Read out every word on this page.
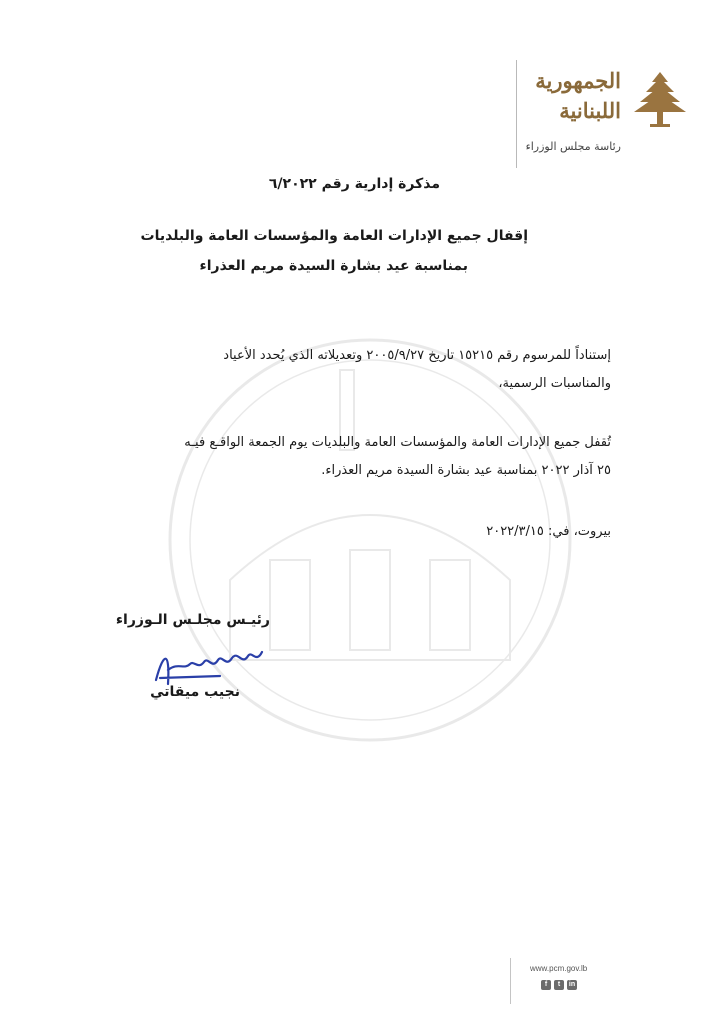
الجمهورية
اللبنانية
رئاسة مجلس الوزراء
مذكرة إدارية رقم ٦/٢٠٢٢
إقفال جميع الإدارات العامة والمؤسسات العامة والبلديات
بمناسبة عيد بشارة السيدة مريم العذراء
إستناداً للمرسوم رقم ١٥٢١٥ تاريخ ٢٠٠٥/٩/٢٧ وتعديلاته الذي يُحدد الأعياد
والمناسبات الرسمية،
تُقفل جميع الإدارات العامة والمؤسسات العامة والبلديات يوم الجمعة الواقـع فيـه
٢٥ آذار ٢٠٢٢ بمناسبة عيد بشارة السيدة مريم العذراء.
بيروت، في: ٢٠٢٢/٣/١٥
رئيـس مجلـس الـوزراء
نجيب ميقاتي
www.pcm.gov.lb
f	t	in
